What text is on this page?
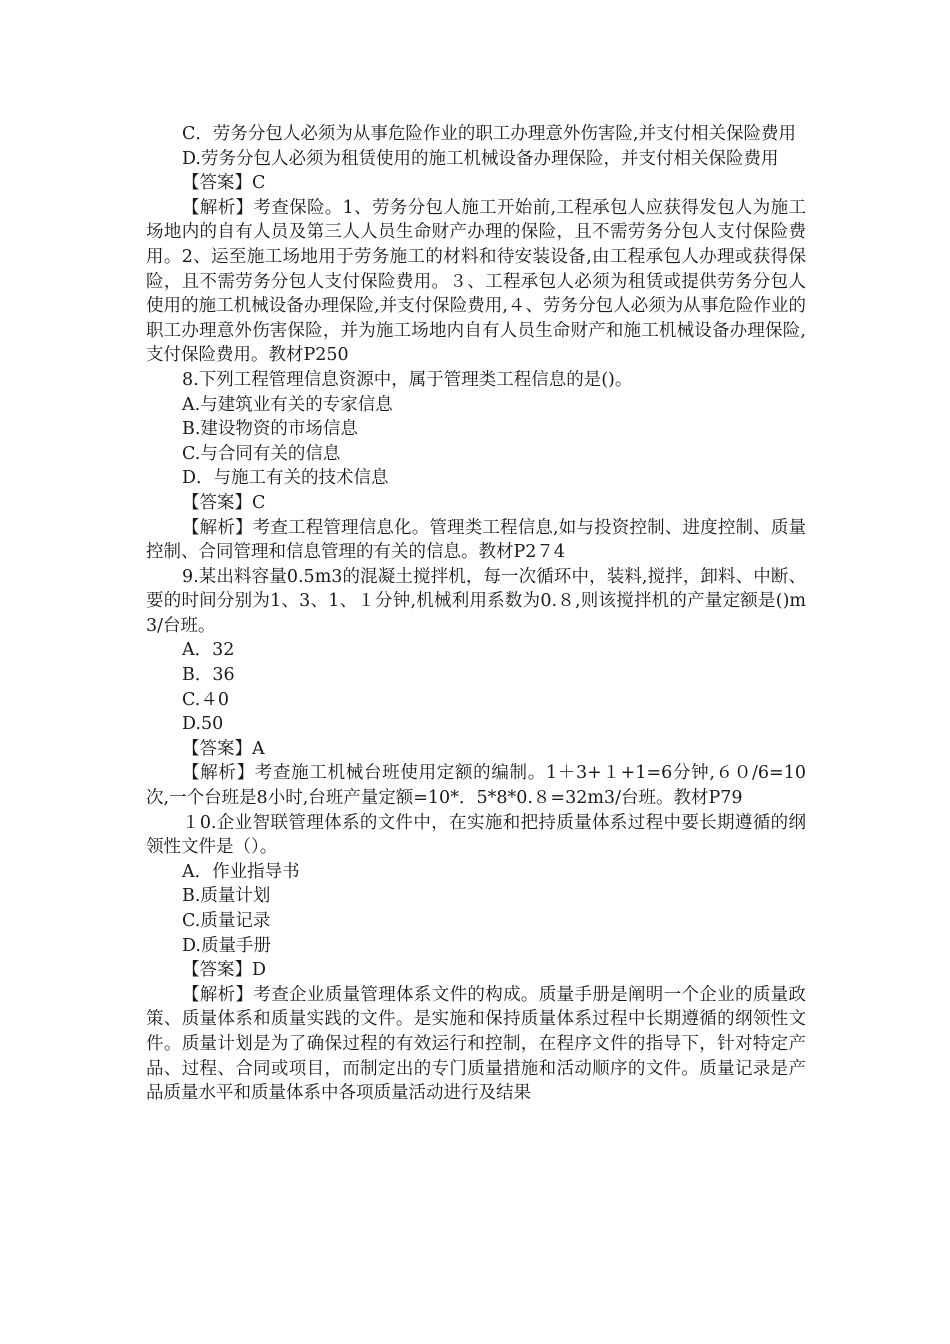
C．劳务分包人必须为从事危险作业的职工办理意外伤害险,并支付相关保险费用

D.劳务分包人必须为租赁使用的施工机械设备办理保险，并支付相关保险费用

【答案】C

【解析】考查保险。1、劳务分包人施工开始前,工程承包人应获得发包人为施工场地内的自有人员及第三人人员生命财产办理的保险，且不需劳务分包人支付保险费用。2、运至施工场地用于劳务施工的材料和待安装设备,由工程承包人办理或获得保险，且不需劳务分包人支付保险费用。３、工程承包人必须为租赁或提供劳务分包人使用的施工机械设备办理保险,并支付保险费用,４、劳务分包人必须为从事危险作业的职工办理意外伤害保险，并为施工场地内自有人员生命财产和施工机械设备办理保险,支付保险费用。教材P250

8.下列工程管理信息资源中，属于管理类工程信息的是()。

A.与建筑业有关的专家信息

B.建设物资的市场信息

C.与合同有关的信息

D．与施工有关的技术信息

【答案】C

【解析】考查工程管理信息化。管理类工程信息,如与投资控制、进度控制、质量控制、合同管理和信息管理的有关的信息。教材P2７4

9.某出料容量0.5m3的混凝土搅拌机，每一次循环中，装料,搅拌，卸料、中断、要的时间分别为1、3、1、１分钟,机械利用系数为0.８,则该搅拌机的产量定额是()m3/台班。

A．32

B．36

C.４0

D.50

【答案】A

【解析】考查施工机械台班使用定额的编制。1＋3+１+1=6分钟,６０/6=10次,一个台班是8小时,台班产量定额=10*．5*8*0.８=32m3/台班。教材P79

１0.企业智联管理体系的文件中，在实施和把持质量体系过程中要长期遵循的纲领性文件是（）。

A．作业指导书

B.质量计划

C.质量记录

D.质量手册

【答案】D

【解析】考查企业质量管理体系文件的构成。质量手册是阐明一个企业的质量政策、质量体系和质量实践的文件。是实施和保持质量体系过程中长期遵循的纲领性文件。质量计划是为了确保过程的有效运行和控制，在程序文件的指导下，针对特定产品、过程、合同或项目，而制定出的专门质量措施和活动顺序的文件。质量记录是产品质量水平和质量体系中各项质量活动进行及结果
